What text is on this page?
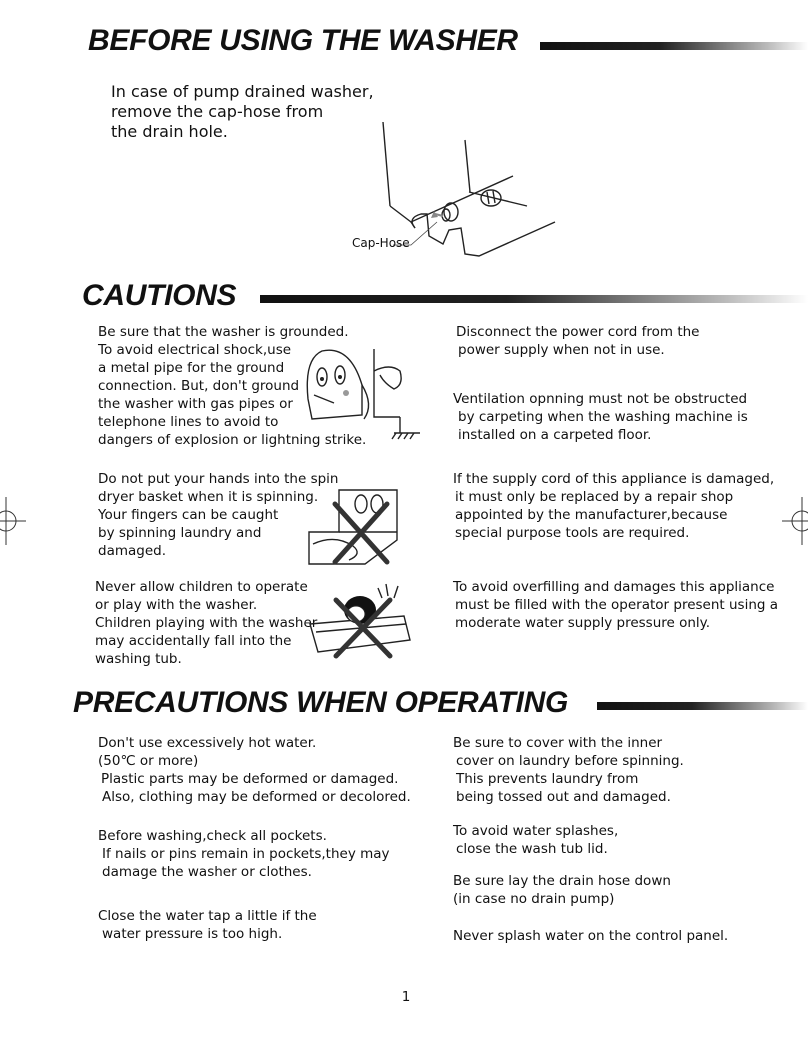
BEFORE USING THE WASHER

In case of pump drained washer,
remove the cap-hose from
the drain hole.

Cap-Hose
CAUTIONS

Be sure that the washer is grounded.
To avoid electrical shock,use
a metal pipe for the ground
connection. But, don't ground
the washer with gas pipes or
telephone lines to avoid to
dangers of explosion or lightning strike.

Do not put your hands into the spin
dryer basket when it is spinning.
Your fingers can be caught
by spinning laundry and
damaged.

Never allow children to operate
or play with the washer.
Children playing with the washer
may accidentally fall into the
washing tub.

Disconnect the power cord from the
power supply when not in use.

Ventilation opnning must not be obstructed
by carpeting when the washing machine is
installed on a carpeted floor.

If the supply cord of this appliance is damaged,
it must only be replaced by a repair shop
appointed by the manufacturer,because
special purpose tools are required.

To avoid overfilling and damages this appliance
must be filled with the operator present using a
moderate water supply pressure only.

PRECAUTIONS WHEN OPERATING

Don't use excessively hot water.
(50℃ or more)
Plastic parts may be deformed or damaged.
Also, clothing may be deformed or decolored.

Before washing,check all pockets.
If nails or pins remain in pockets,they may
damage the washer or clothes.

Close the water tap a little if the
water pressure is too high.

Be sure to cover with the inner
cover on laundry before spinning.
This prevents laundry from
being tossed out and damaged.

To avoid water splashes,
close the wash tub lid.

Be sure lay the drain hose down
(in case no drain pump)

Never splash water on the control panel.

1
